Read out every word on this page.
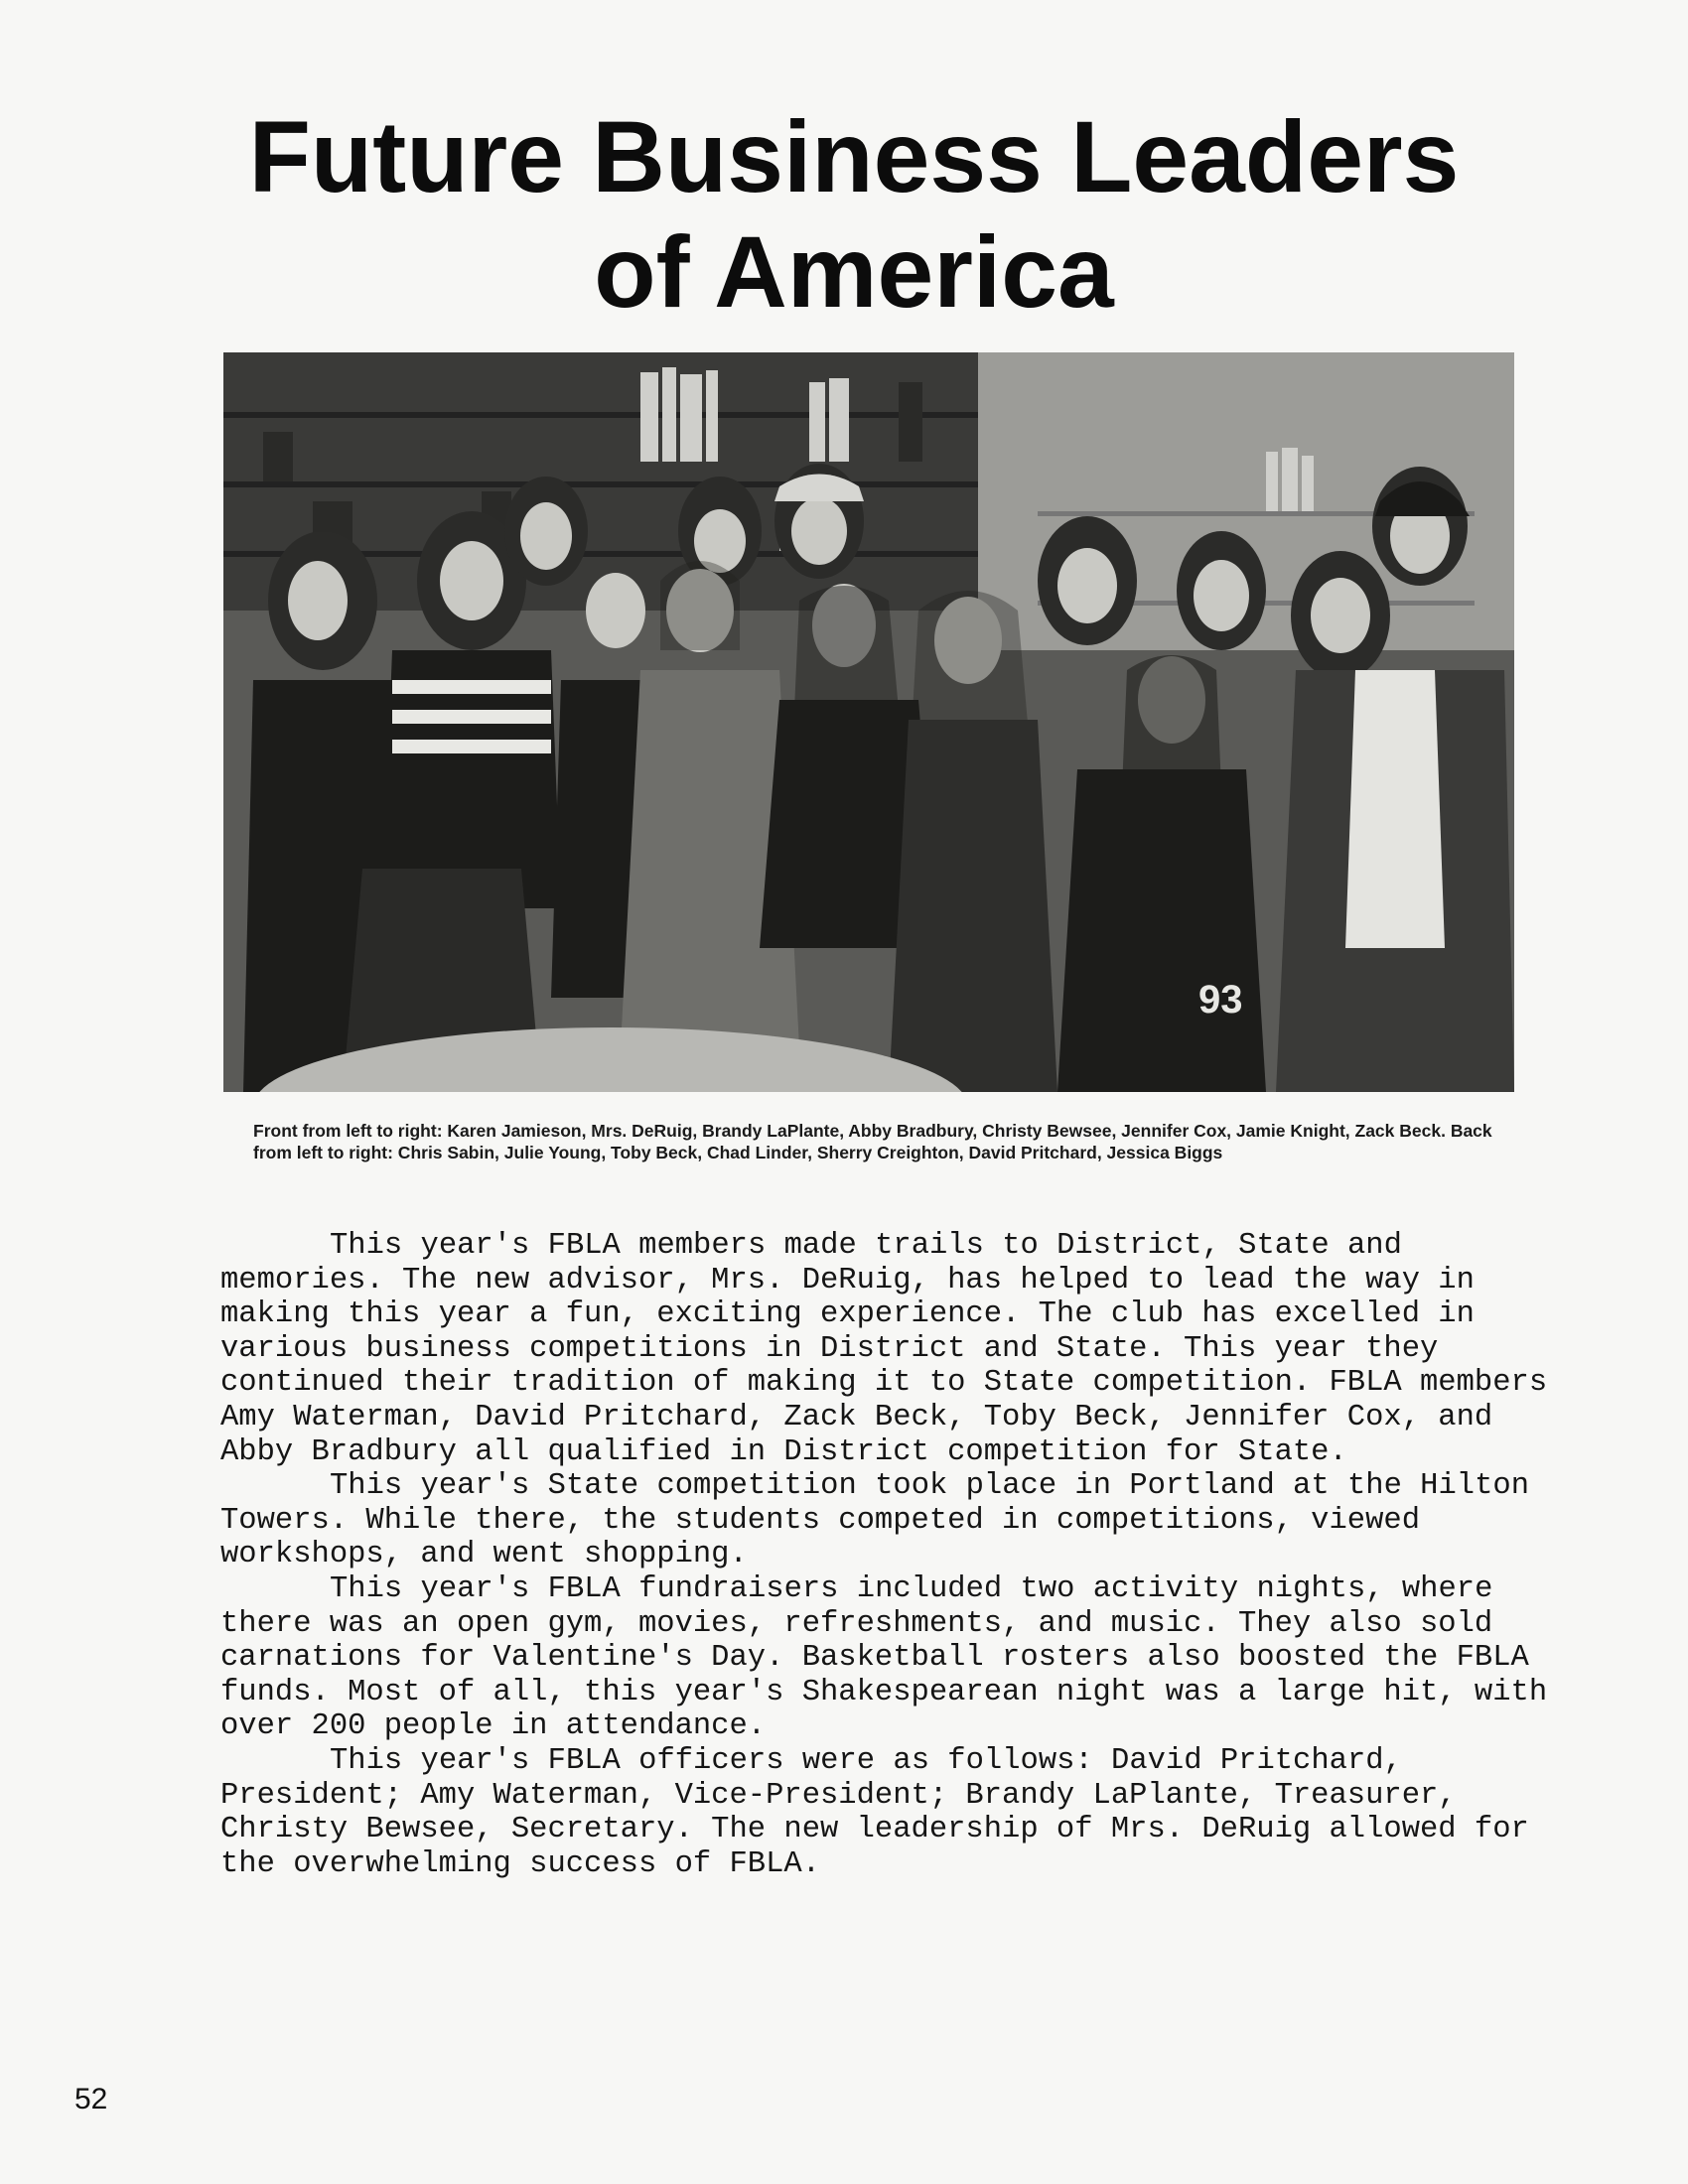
Future Business Leaders
of America
93
Front from left to right: Karen Jamieson, Mrs. DeRuig, Brandy LaPlante, Abby Bradbury, Christy Bewsee, Jennifer Cox, Jamie Knight, Zack Beck. Back from left to right: Chris Sabin, Julie Young, Toby Beck, Chad Linder, Sherry Creighton, David Pritchard, Jessica Biggs

This year's FBLA members made trails to District, State and memories. The new advisor, Mrs. DeRuig, has helped to lead the way in making this year a fun, exciting experience. The club has excelled in various business competitions in District and State. This year they continued their tradition of making it to State competition. FBLA members Amy Waterman, David Pritchard, Zack Beck, Toby Beck, Jennifer Cox, and Abby Bradbury all qualified in District competition for State.

This year's State competition took place in Portland at the Hilton Towers. While there, the students competed in competitions, viewed workshops, and went shopping.

This year's FBLA fundraisers included two activity nights, where there was an open gym, movies, refreshments, and music. They also sold carnations for Valentine's Day. Basketball rosters also boosted the FBLA funds. Most of all, this year's Shakespearean night was a large hit, with over 200 people in attendance.

This year's FBLA officers were as follows: David Pritchard, President; Amy Waterman, Vice-President; Brandy LaPlante, Treasurer, Christy Bewsee, Secretary. The new leadership of Mrs. DeRuig allowed for the overwhelming success of FBLA.

52
